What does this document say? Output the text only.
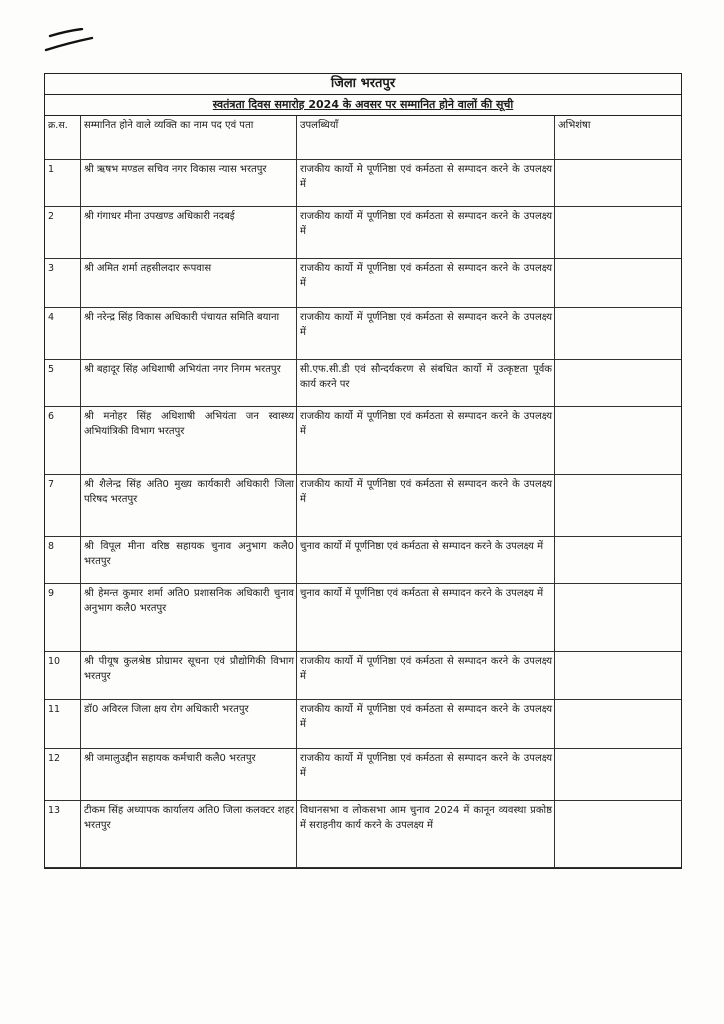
जिला भरतपुर
स्वतंत्रता दिवस समारोह 2024 के अवसर पर सम्मानित होने वालों की सूची
क्र.स.	सम्मानित होने वाले व्यक्ति का नाम पद एवं पता	उपलब्धियाँ	अभिशंषा
1	श्री ऋषभ मण्डल सचिव नगर विकास न्यास भरतपुर	राजकीय कार्यो मे पूर्णनिष्ठा एवं कर्मठता से सम्पादन करने के उपलक्ष्य में	
2	श्री गंगाधर मीना उपखण्ड अधिकारी नदबई	राजकीय कार्यो में पूर्णनिष्ठा एवं कर्मठता से सम्पादन करने के उपलक्ष्य में	
3	श्री अमित शर्मा तहसीलदार रूपवास	राजकीय कार्यो में पूर्णनिष्ठा एवं कर्मठता से सम्पादन करने के उपलक्ष्य में	
4	श्री नरेन्द्र सिंह विकास अधिकारी पंचायत समिति बयाना	राजकीय कार्यो में पूर्णनिष्ठा एवं कर्मठता से सम्पादन करने के उपलक्ष्य में	
5	श्री बहादूर सिंह अधिशाषी अभियंता नगर निगम भरतपुर	सी.एफ.सी.डी एवं सौन्दर्यकरण से संबधित कार्यो में उत्कृष्टता पूर्वक कार्य करने पर	
6	श्री मनोहर सिंह अधिशाषी अभियंता जन स्वास्थ्य अभियांत्रिकी विभाग भरतपुर	राजकीय कार्यो में पूर्णनिष्ठा एवं कर्मठता से सम्पादन करने के उपलक्ष्य में	
7	श्री शैलेन्द्र सिंह अति0 मुख्य कार्यकारी अधिकारी जिला परिषद भरतपुर	राजकीय कार्यो में पूर्णनिष्ठा एवं कर्मठता से सम्पादन करने के उपलक्ष्य में	
8	श्री विपूल मीना वरिष्ठ सहायक चुनाव अनुभाग कलै0 भरतपुर	चुनाव कार्यो में पूर्णनिष्ठा एवं कर्मठता से सम्पादन करने के उपलक्ष्य में	
9	श्री हेमन्त कुमार शर्मा अति0 प्रशासनिक अधिकारी चुनाव अनुभाग कलै0 भरतपुर	चुनाव कार्यो में पूर्णनिष्ठा एवं कर्मठता से सम्पादन करने के उपलक्ष्य में	
10	श्री पीयूष कुलश्रेष्ठ प्रोग्रामर सूचना एवं प्रौद्योगिकी विभाग भरतपुर	राजकीय कार्यो में पूर्णनिष्ठा एवं कर्मठता से सम्पादन करने के उपलक्ष्य में	
11	डॉ0 अविरल जिला क्षय रोग अधिकारी भरतपुर	राजकीय कार्यो में पूर्णनिष्ठा एवं कर्मठता से सम्पादन करने के उपलक्ष्य में	
12	श्री जमालुउद्दीन सहायक कर्मचारी कलै0 भरतपुर	राजकीय कार्यो में पूर्णनिष्ठा एवं कर्मठता से सम्पादन करने के उपलक्ष्य में	
13	टीकम सिंह अध्यापक कार्यालय अति0 जिला कलक्टर शहर भरतपुर	विधानसभा व लोकसभा आम चुनाव 2024 में कानून व्यवस्था प्रकोष्ठ में सराहनीय कार्य करने के उपलक्ष्य में	
